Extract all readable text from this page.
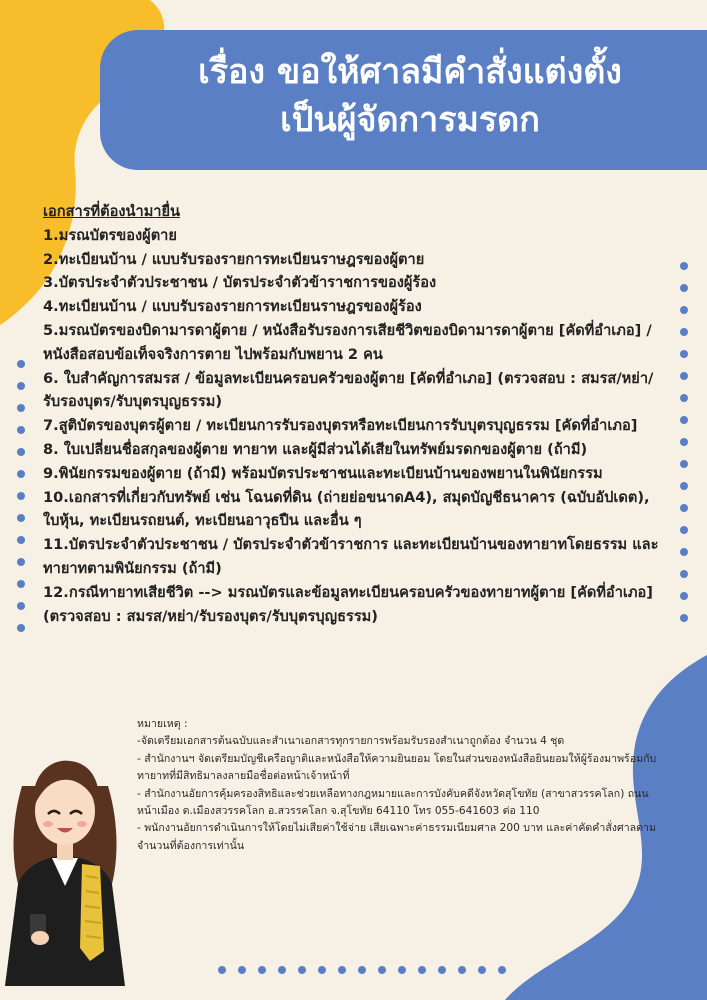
เรื่อง ขอให้ศาลมีคำสั่งแต่งตั้ง
เป็นผู้จัดการมรดก
เอกสารที่ต้องนำมายื่น
1.มรณบัตรของผู้ตาย
2.ทะเบียนบ้าน / แบบรับรองรายการทะเบียนราษฎรของผู้ตาย
3.บัตรประจำตัวประชาชน / บัตรประจำตัวข้าราชการของผู้ร้อง
4.ทะเบียนบ้าน / แบบรับรองรายการทะเบียนราษฎรของผู้ร้อง
5.มรณบัตรของบิดามารดาผู้ตาย / หนังสือรับรองการเสียชีวิตของบิดามารดาผู้ตาย [คัดที่อำเภอ] / หนังสือสอบข้อเท็จจริงการตาย ไปพร้อมกับพยาน 2 คน
6. ใบสำคัญการสมรส / ข้อมูลทะเบียนครอบครัวของผู้ตาย [คัดที่อำเภอ] (ตรวจสอบ : สมรส/หย่า/รับรองบุตร/รับบุตรบุญธรรม)
7.สูติบัตรของบุตรผู้ตาย / ทะเบียนการรับรองบุตรหรือทะเบียนการรับบุตรบุญธรรม [คัดที่อำเภอ]
8. ใบเปลี่ยนชื่อสกุลของผู้ตาย ทายาท และผู้มีส่วนได้เสียในทรัพย์มรดกของผู้ตาย (ถ้ามี)
9.พินัยกรรมของผู้ตาย (ถ้ามี) พร้อมบัตรประชาชนและทะเบียนบ้านของพยานในพินัยกรรม
10.เอกสารที่เกี่ยวกับทรัพย์ เช่น โฉนดที่ดิน (ถ่ายย่อขนาดA4), สมุดบัญชีธนาคาร (ฉบับอัปเดต), ใบหุ้น, ทะเบียนรถยนต์, ทะเบียนอาวุธปืน และอื่น ๆ
11.บัตรประจำตัวประชาชน / บัตรประจำตัวข้าราชการ และทะเบียนบ้านของทายาทโดยธรรม และทายาทตามพินัยกรรม (ถ้ามี)
12.กรณีทายาทเสียชีวิต --> มรณบัตรและข้อมูลทะเบียนครอบครัวของทายาทผู้ตาย [คัดที่อำเภอ] (ตรวจสอบ : สมรส/หย่า/รับรองบุตร/รับบุตรบุญธรรม)
หมายเหตุ :
-จัดเตรียมเอกสารต้นฉบับและสำเนาเอกสารทุกรายการพร้อมรับรองสำเนาถูกต้อง จำนวน 4 ชุด
- สำนักงานฯ จัดเตรียมบัญชีเครือญาติและหนังสือให้ความยินยอม โดยในส่วนของหนังสือยินยอมให้ผู้ร้องมาพร้อมกับทายาทที่มีสิทธิมาลงลายมือชื่อต่อหน้าเจ้าหน้าที่
- สำนักงานอัยการคุ้มครองสิทธิและช่วยเหลือทางกฎหมายและการบังคับคดีจังหวัดสุโขทัย (สาขาสวรรคโลก) ถนนหน้าเมือง ต.เมืองสวรรคโลก อ.สวรรคโลก จ.สุโขทัย 64110 โทร 055-641603 ต่อ 110
- พนักงานอัยการดำเนินการให้โดยไม่เสียค่าใช้จ่าย เสียเฉพาะค่าธรรมเนียมศาล 200 บาท และค่าคัดคำสั่งศาลตามจำนวนที่ต้องการเท่านั้น
